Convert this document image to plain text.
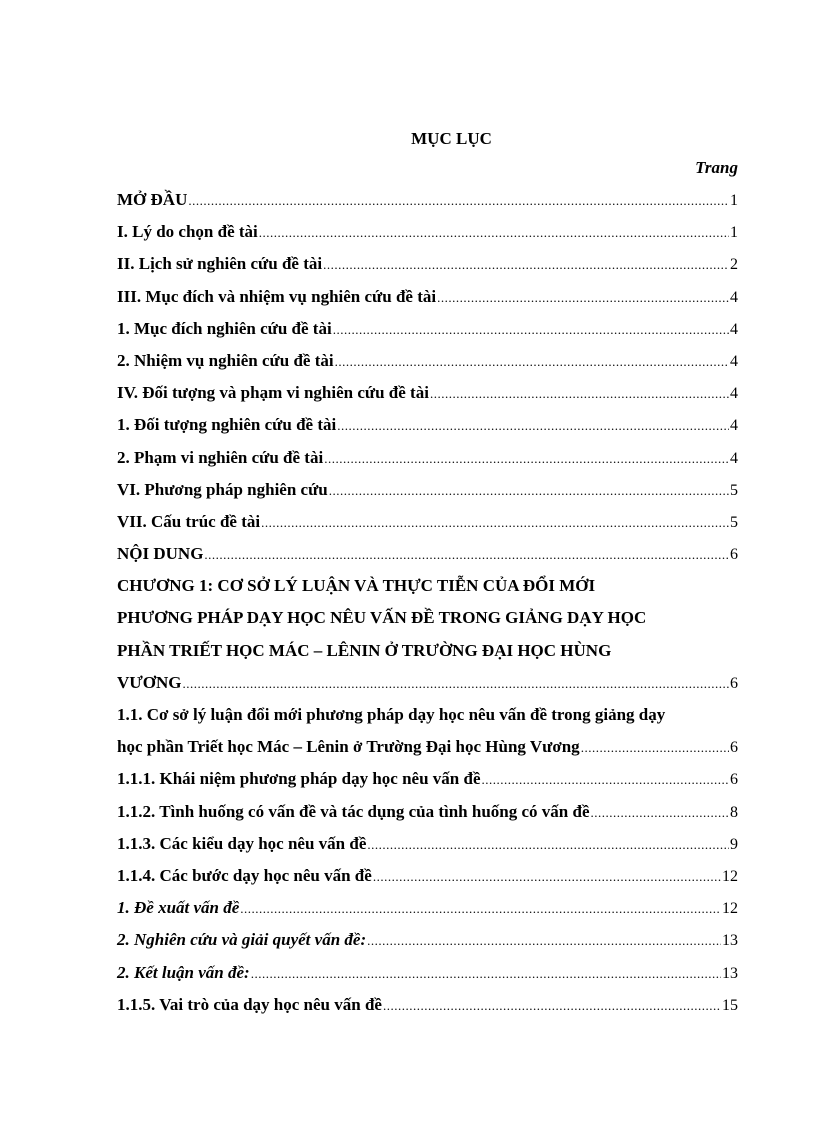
MỤC LỤC
Trang
MỞ ĐẦU .....	1
I. Lý do chọn đề tài .....	1
II. Lịch sử nghiên cứu đề tài .....	2
III. Mục đích và nhiệm vụ nghiên cứu đề tài .....	4
1. Mục đích nghiên cứu đề tài .....	4
2. Nhiệm vụ nghiên cứu đề tài .....	4
IV. Đối tượng và phạm vi nghiên cứu đề tài .....	4
1. Đối tượng nghiên cứu đề tài .....	4
2. Phạm vi nghiên cứu đề tài .....	4
VI. Phương pháp nghiên cứu .....	5
VII. Cấu trúc đề tài .....	5
NỘI DUNG .....	6
CHƯƠNG 1: CƠ SỞ LÝ LUẬN VÀ THỰC TIỄN CỦA ĐỔI MỚI
PHƯƠNG PHÁP DẠY HỌC NÊU VẤN ĐỀ TRONG GIẢNG DẠY HỌC
PHẦN TRIẾT HỌC MÁC – LÊNIN Ở TRƯỜNG ĐẠI HỌC HÙNG
VƯƠNG .....	6
1.1. Cơ sở lý luận đổi mới phương pháp dạy học nêu vấn đề trong giảng dạy
học phần Triết học Mác – Lênin ở Trường Đại học Hùng Vương .....	6
1.1.1. Khái niệm phương pháp dạy học nêu vấn đề .....	6
1.1.2. Tình huống có vấn đề và tác dụng của tình huống có vấn đề .....	8
1.1.3. Các kiểu dạy học nêu vấn đề .....	9
1.1.4. Các bước dạy học nêu vấn đề .....	12
1. Đề xuất vấn đề .....	12
2. Nghiên cứu và giải quyết vấn đề: .....	13
2. Kết luận vấn đề: .....	13
1.1.5. Vai trò của dạy học nêu vấn đề .....	15
